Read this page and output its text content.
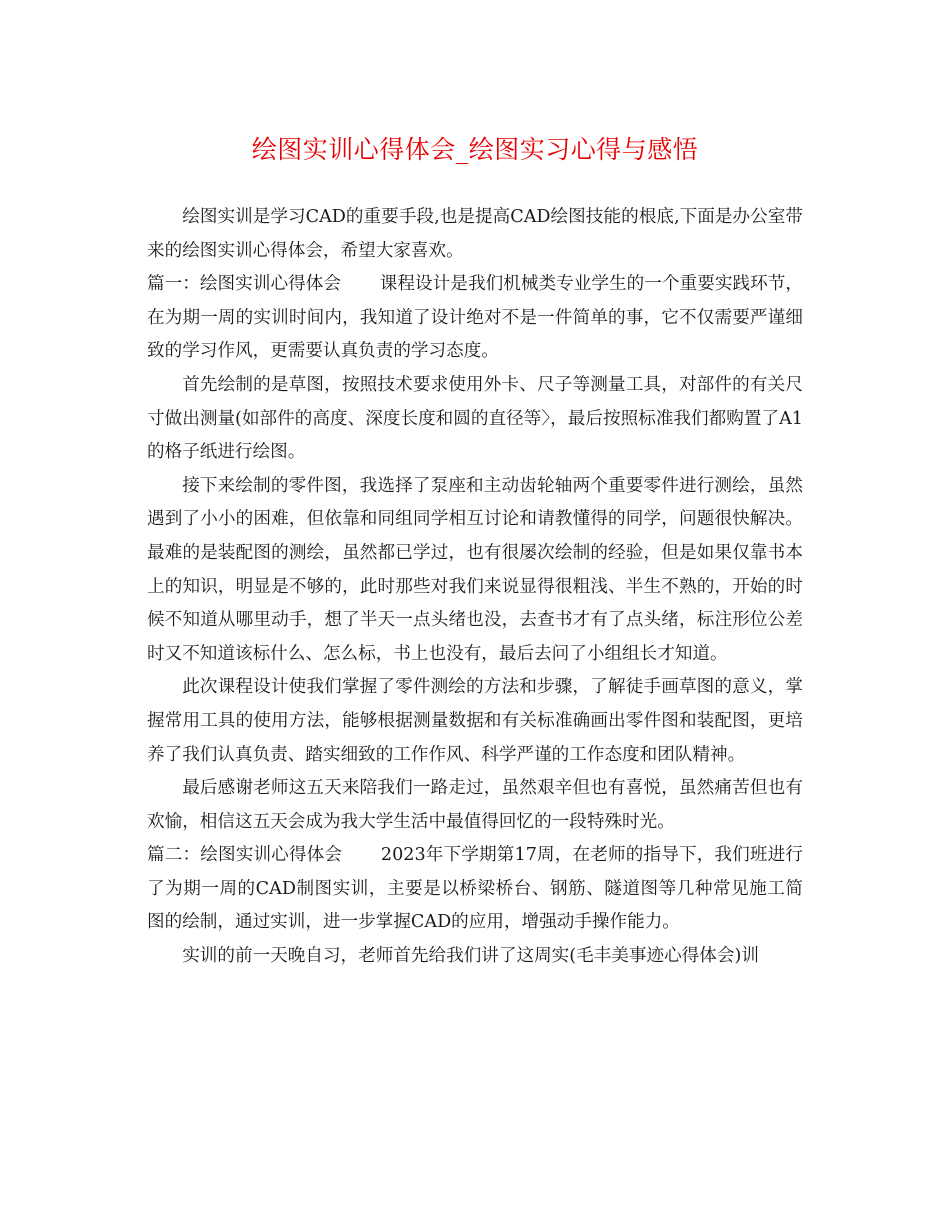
绘图实训心得体会_绘图实习心得与感悟

绘图实训是学习CAD的重要手段,也是提高CAD绘图技能的根底,下面是办公室带来的绘图实训心得体会，希望大家喜欢。

篇一：绘图实训心得体会 课程设计是我们机械类专业学生的一个重要实践环节，在为期一周的实训时间内，我知道了设计绝对不是一件简单的事，它不仅需要严谨细致的学习作风，更需要认真负责的学习态度。

首先绘制的是草图，按照技术要求使用外卡、尺子等测量工具，对部件的有关尺寸做出测量(如部件的高度、深度长度和圆的直径等〉，最后按照标准我们都购置了A1的格子纸进行绘图。

接下来绘制的零件图，我选择了泵座和主动齿轮轴两个重要零件进行测绘，虽然遇到了小小的困难，但依靠和同组同学相互讨论和请教懂得的同学，问题很快解决。最难的是装配图的测绘，虽然都已学过，也有很屡次绘制的经验，但是如果仅靠书本上的知识，明显是不够的，此时那些对我们来说显得很粗浅、半生不熟的，开始的时候不知道从哪里动手，想了半天一点头绪也没，去查书才有了点头绪，标注形位公差时又不知道该标什么、怎么标，书上也没有，最后去问了小组组长才知道。

此次课程设计使我们掌握了零件测绘的方法和步骤，了解徒手画草图的意义，掌握常用工具的使用方法，能够根据测量数据和有关标准确画出零件图和装配图，更培养了我们认真负责、踏实细致的工作作风、科学严谨的工作态度和团队精神。

最后感谢老师这五天来陪我们一路走过，虽然艰辛但也有喜悦，虽然痛苦但也有欢愉，相信这五天会成为我大学生活中最值得回忆的一段特殊时光。

篇二：绘图实训心得体会 2023年下学期第17周，在老师的指导下，我们班进行了为期一周的CAD制图实训，主要是以桥梁桥台、钢筋、隧道图等几种常见施工简图的绘制，通过实训，进一步掌握CAD的应用，增强动手操作能力。

实训的前一天晚自习，老师首先给我们讲了这周实(毛丰美事迹心得体会)训
